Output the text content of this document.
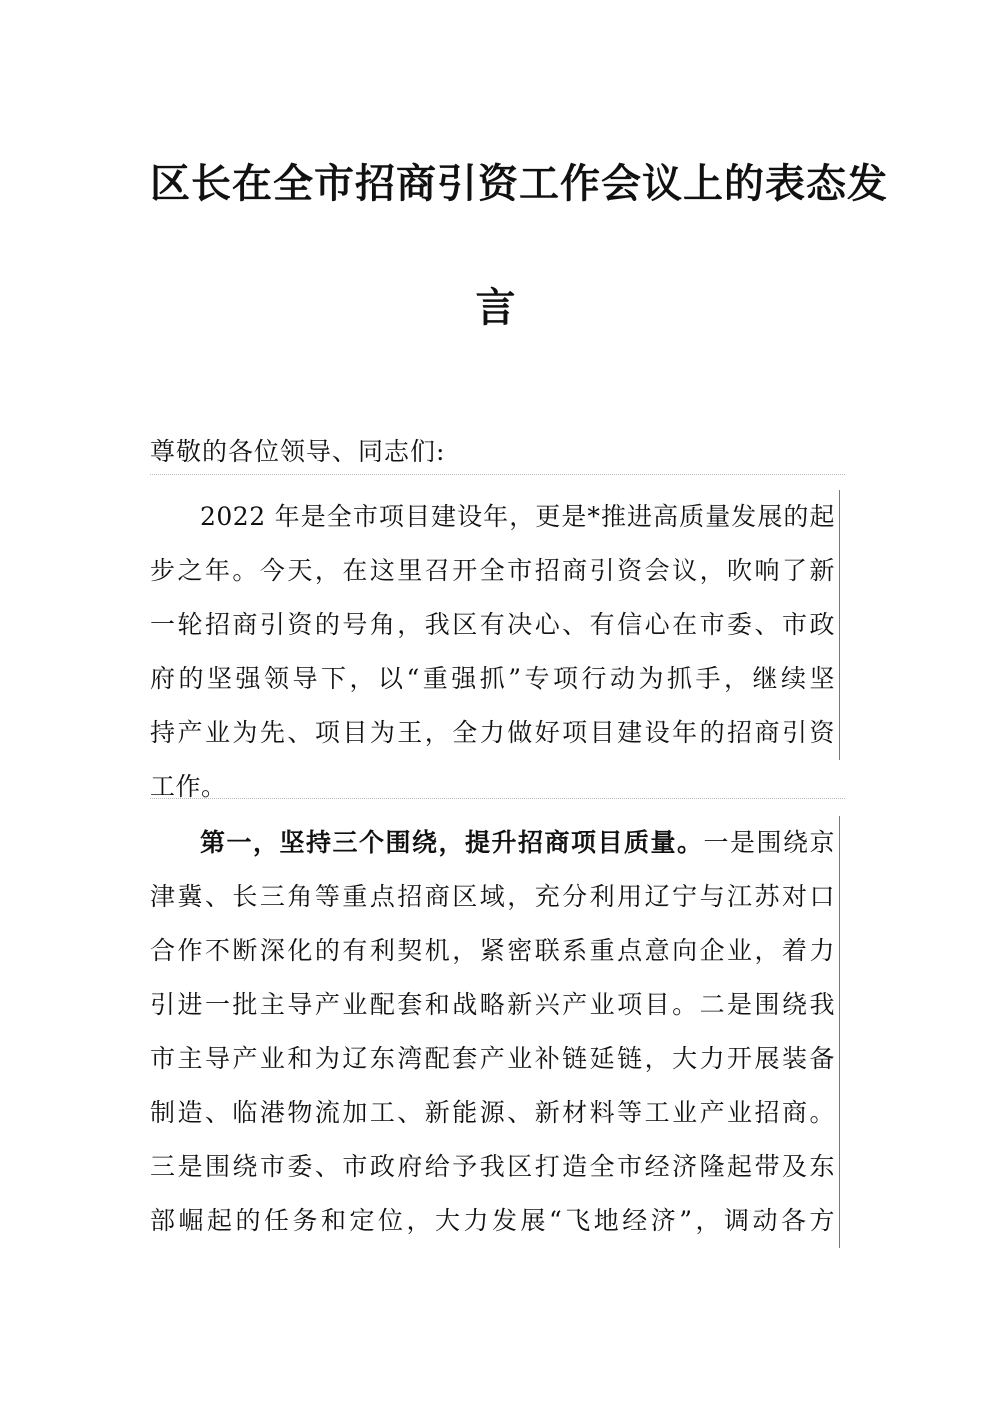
区长在全市招商引资工作会议上的表态发
言
尊敬的各位领导、同志们:
2022 年是全市项目建设年，更是*推进高质量发展的起
步之年。今天，在这里召开全市招商引资会议，吹响了新
一轮招商引资的号角，我区有决心、有信心在市委、市政
府的坚强领导下，以“重强抓”专项行动为抓手，继续坚
持产业为先、项目为王，全力做好项目建设年的招商引资
工作。
第一，坚持三个围绕，提升招商项目质量。一是围绕京
津冀、长三角等重点招商区域，充分利用辽宁与江苏对口
合作不断深化的有利契机，紧密联系重点意向企业，着力
引进一批主导产业配套和战略新兴产业项目。二是围绕我
市主导产业和为辽东湾配套产业补链延链，大力开展装备
制造、临港物流加工、新能源、新材料等工业产业招商。
三是围绕市委、市政府给予我区打造全市经济隆起带及东
部崛起的任务和定位，大力发展“飞地经济”，调动各方
